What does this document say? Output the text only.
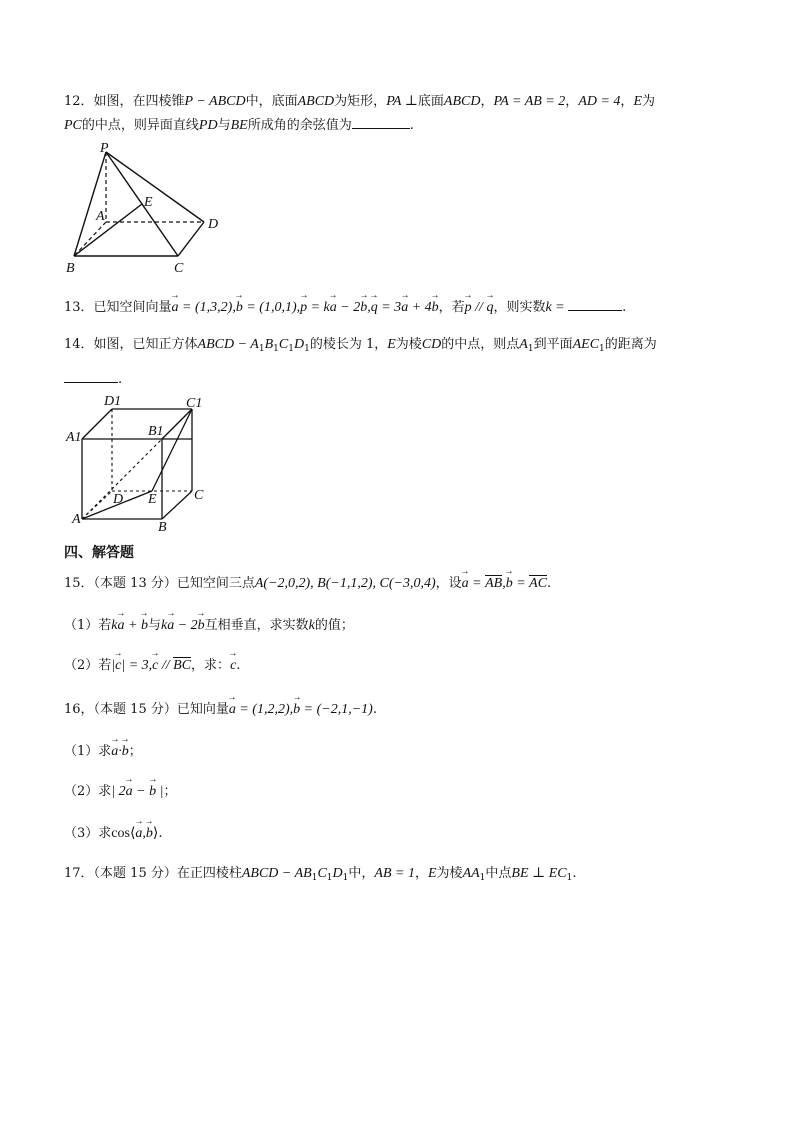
12．如图，在四棱锥P − ABCD中，底面ABCD为矩形，PA ⊥底面ABCD，PA = AB = 2，AD = 4，E为
PC的中点，则异面直线PD与BE所成角的余弦值为	.
P
A
E
D
B	C
13．已知空间向量→ a = (1,3,2),→ b = (1,0,1),→ p = k→ a − 2→ b,→ q = 3→ a + 4→ b，若→ p // → q，则实数k =	.
14．如图，已知正方体ABCD − $A_1B_1C_1D_1$的棱长为 1，E为棱CD的中点，则点$A_1$到平面$AEC_1$的距离为
.
D1	C1
A1	B1
D	C
A
E
B
四、解答题
15．（本题 13 分）已知空间三点A(−2,0,2), B(−1,1,2), C(−3,0,4)，设→ a = AB,→ b = AC.
（1）若k→ a + → b与k→ a − 2→ b互相垂直，求实数k的值；
（2）若|→ c| = 3,→ c // BC，求：→ c.
16，（本题 15 分）已知向量→ a = (1,2,2),→ b = (−2,1,−1).
（1）求→ a·→ b；
（2）求| 2→ a − → b |；
（3）求cos⟨→ a,→ b⟩.
17．（本题 15 分）在正四棱柱ABCD − $AB_1C_1D_1$中，AB = 1，E为棱$AA_1$中点BE ⊥ $EC_1$.
